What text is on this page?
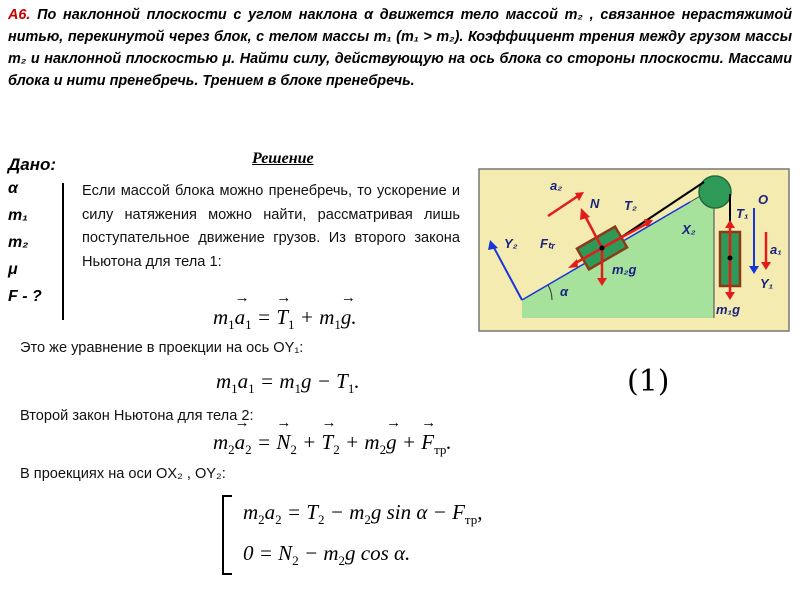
A6. По наклонной плоскости с углом наклона α движется тело массой m₂ , связанное нерастяжимой нитью, перекинутой через блок, с телом массы m₁ (m₁ > m₂). Коэффициент трения между грузом массы m₂ и наклонной плоскостью μ. Найти силу, действующую на ось блока со стороны плоскости. Массами блока и нити пренебречь. Трением в блоке пренебречь.
Дано:
α
m₁
m₂
μ
F - ?
Решение
Если массой блока можно пренебречь, то ускорение и силу натяжения можно найти, рассматривая лишь поступательное движение грузов. Из второго закона Ньютона для тела 1:
$m_1\to a_1$ = → $T_1 + m_1\to g$.
Это же уравнение в проекции на ось OY₁:
$m_1a_1 = m_1g - T_1$.	(1)
Второй закон Ньютона для тела 2:
$m_2\to a_2$ = → $N_2$ + → $T_2 + m_2\to g$ + → $F_{тр}$.
В проекциях на оси OX₂ , OY₂:
$m_2a_2 = T_2 - m_2g$ $\sin \alpha - F_{тр}$,
$0 = N_2 - m_2g$ cos α.
a₂
N T₂
Y₂ Fₜᵣ
m₂g
X₂
T₁
O
a₁
Y₁
m₁g
α
